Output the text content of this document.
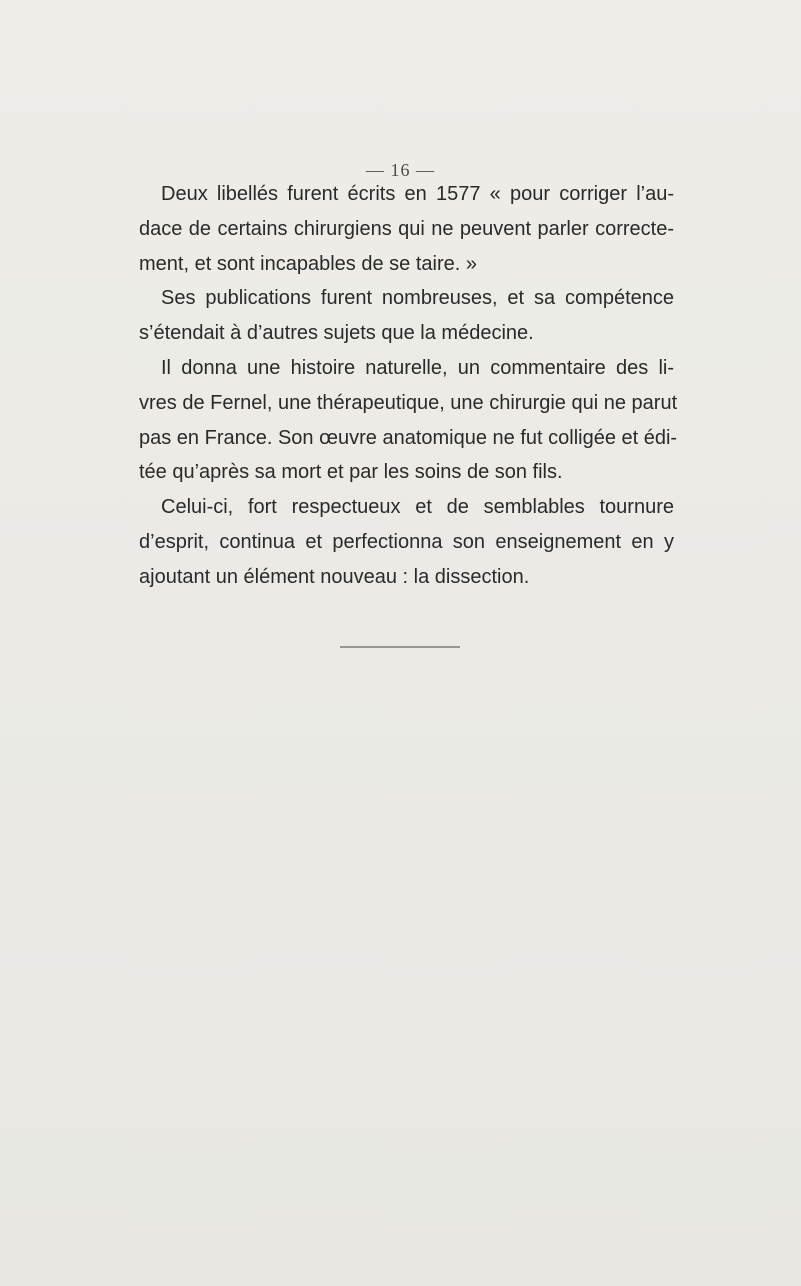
— 16 —
Deux libellés furent écrits en 1577 « pour corriger l’au-
dace de certains chirurgiens qui ne peuvent parler correcte-
ment, et sont incapables de se taire. »
Ses publications furent nombreuses, et sa compétence
s’étendait à d’autres sujets que la médecine.
Il donna une histoire naturelle, un commentaire des li-
vres de Fernel, une thérapeutique, une chirurgie qui ne parut
pas en France. Son œuvre anatomique ne fut colligée et édi-
tée qu’après sa mort et par les soins de son fils.
Celui-ci, fort respectueux et de semblables tournure
d’esprit, continua et perfectionna son enseignement en y
ajoutant un élément nouveau : la dissection.
